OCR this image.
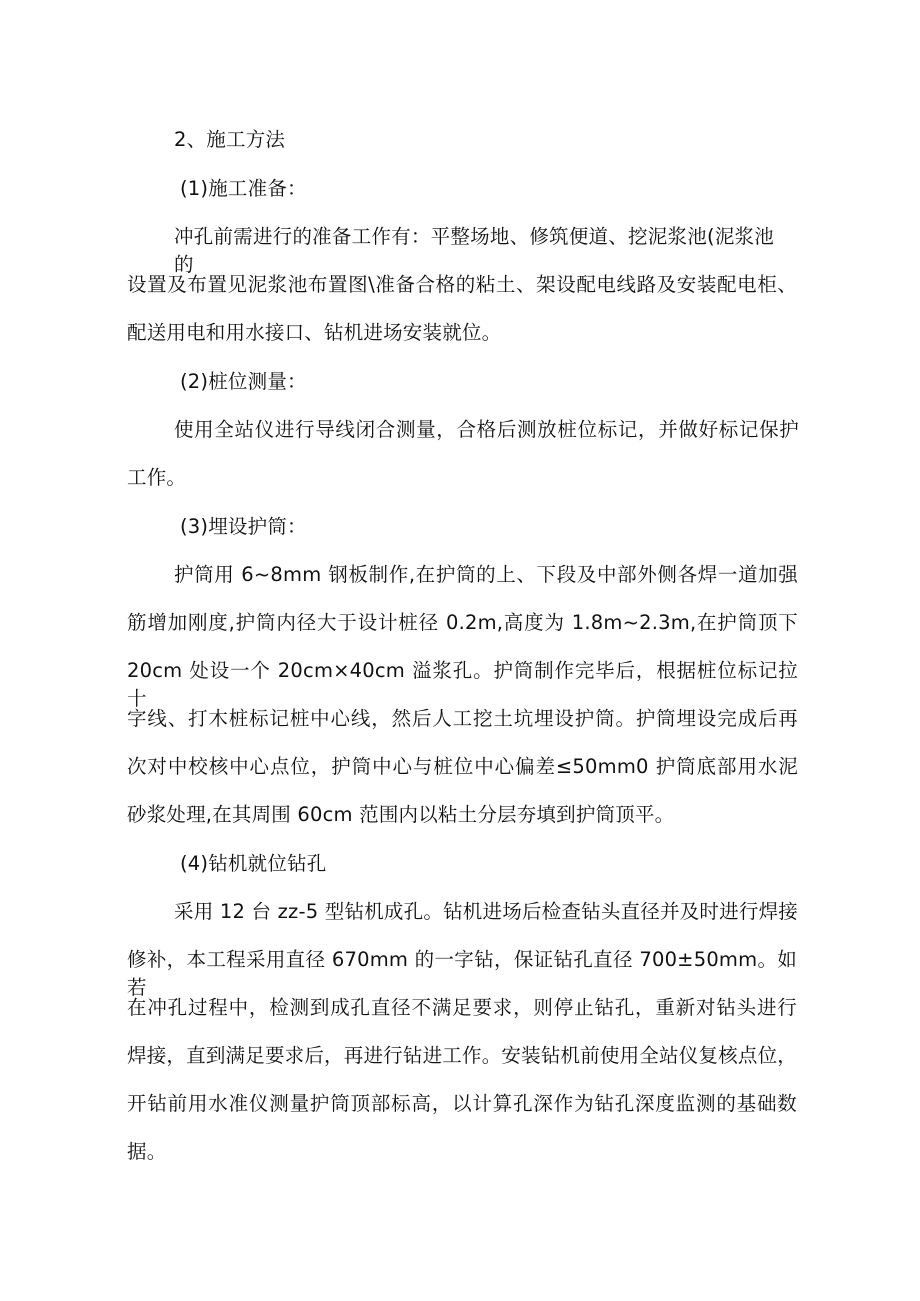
2、施工方法
(1)施工准备：
冲孔前需进行的准备工作有：平整场地、修筑便道、挖泥浆池(泥浆池的
设置及布置见泥浆池布置图\准备合格的粘土、架设配电线路及安装配电柜、
配送用电和用水接口、钻机进场安装就位。
(2)桩位测量：
使用全站仪进行导线闭合测量，合格后测放桩位标记，并做好标记保护
工作。
(3)埋设护筒：
护筒用 6~8mm 钢板制作,在护筒的上、下段及中部外侧各焊一道加强
筋增加刚度,护筒内径大于设计桩径 0.2m,高度为 1.8m~2.3m,在护筒顶下
20cm 处设一个 20cm×40cm 溢浆孔。护筒制作完毕后，根据桩位标记拉十
字线、打木桩标记桩中心线，然后人工挖土坑埋设护筒。护筒埋设完成后再
次对中校核中心点位，护筒中心与桩位中心偏差≤50mm0 护筒底部用水泥
砂浆处理,在其周围 60cm 范围内以粘土分层夯填到护筒顶平。
(4)钻机就位钻孔
采用 12 台 zz-5 型钻机成孔。钻机进场后检查钻头直径并及时进行焊接
修补，本工程采用直径 670mm 的一字钻，保证钻孔直径 700±50mm。如若
在冲孔过程中，检测到成孔直径不满足要求，则停止钻孔，重新对钻头进行
焊接，直到满足要求后，再进行钻进工作。安装钻机前使用全站仪复核点位，
开钻前用水准仪测量护筒顶部标高，以计算孔深作为钻孔深度监测的基础数
据。
